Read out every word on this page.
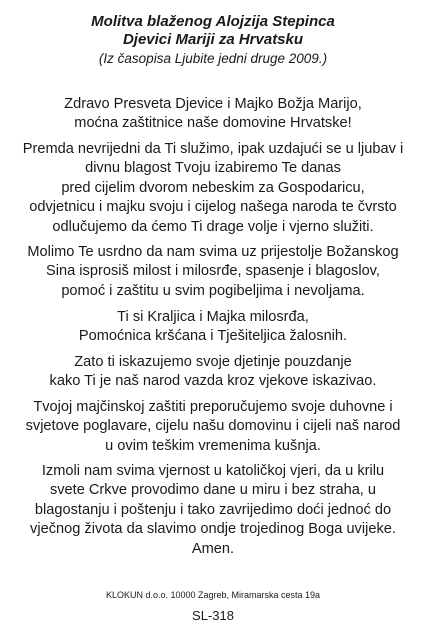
Molitva blaženog Alojzija Stepinca
Djevici Mariji za Hrvatsku
(Iz časopisa Ljubite jedni druge 2009.)
Zdravo Presveta Djevice i Majko Božja Marijo,
moćna zaštitnice naše domovine Hrvatske!
Premda nevrijedni da Ti služimo, ipak uzdajući se u ljubav i
divnu blagost Tvoju izabiremo Te danas
pred cijelim dvorom nebeskim za Gospodaricu,
odvjetnicu i majku svoju i cijelog našega naroda te čvrsto
odlučujemo da ćemo Ti drage volje i vjerno služiti.
Molimo Te usrdno da nam svima uz prijestolje Božanskog
Sina isprosiš milost i milosrđe, spasenje i blagoslov,
pomoć i zaštitu u svim pogibeljima i nevoljama.
Ti si Kraljica i Majka milosrđa,
Pomoćnica kršćana i Tješiteljica žalosnih.
Zato ti iskazujemo svoje djetinje pouzdanje
kako Ti je naš narod vazda kroz vjekove iskazivao.
Tvojoj majčinskoj zaštiti preporučujemo svoje duhovne i
svjetove poglavare, cijelu našu domovinu i cijeli naš narod
u ovim teškim vremenima kušnja.
Izmoli nam svima vjernost u katoličkoj vjeri, da u krilu
svete Crkve provodimo dane u miru i bez straha, u
blagostanju i poštenju i tako zavrijedimo doći jednoć do
vječnog života da slavimo ondje trojedinog Boga uvijeke.
Amen.
KLOKUN d.o.o. 10000 Zagreb, Miramarska cesta 19a
SL-318
